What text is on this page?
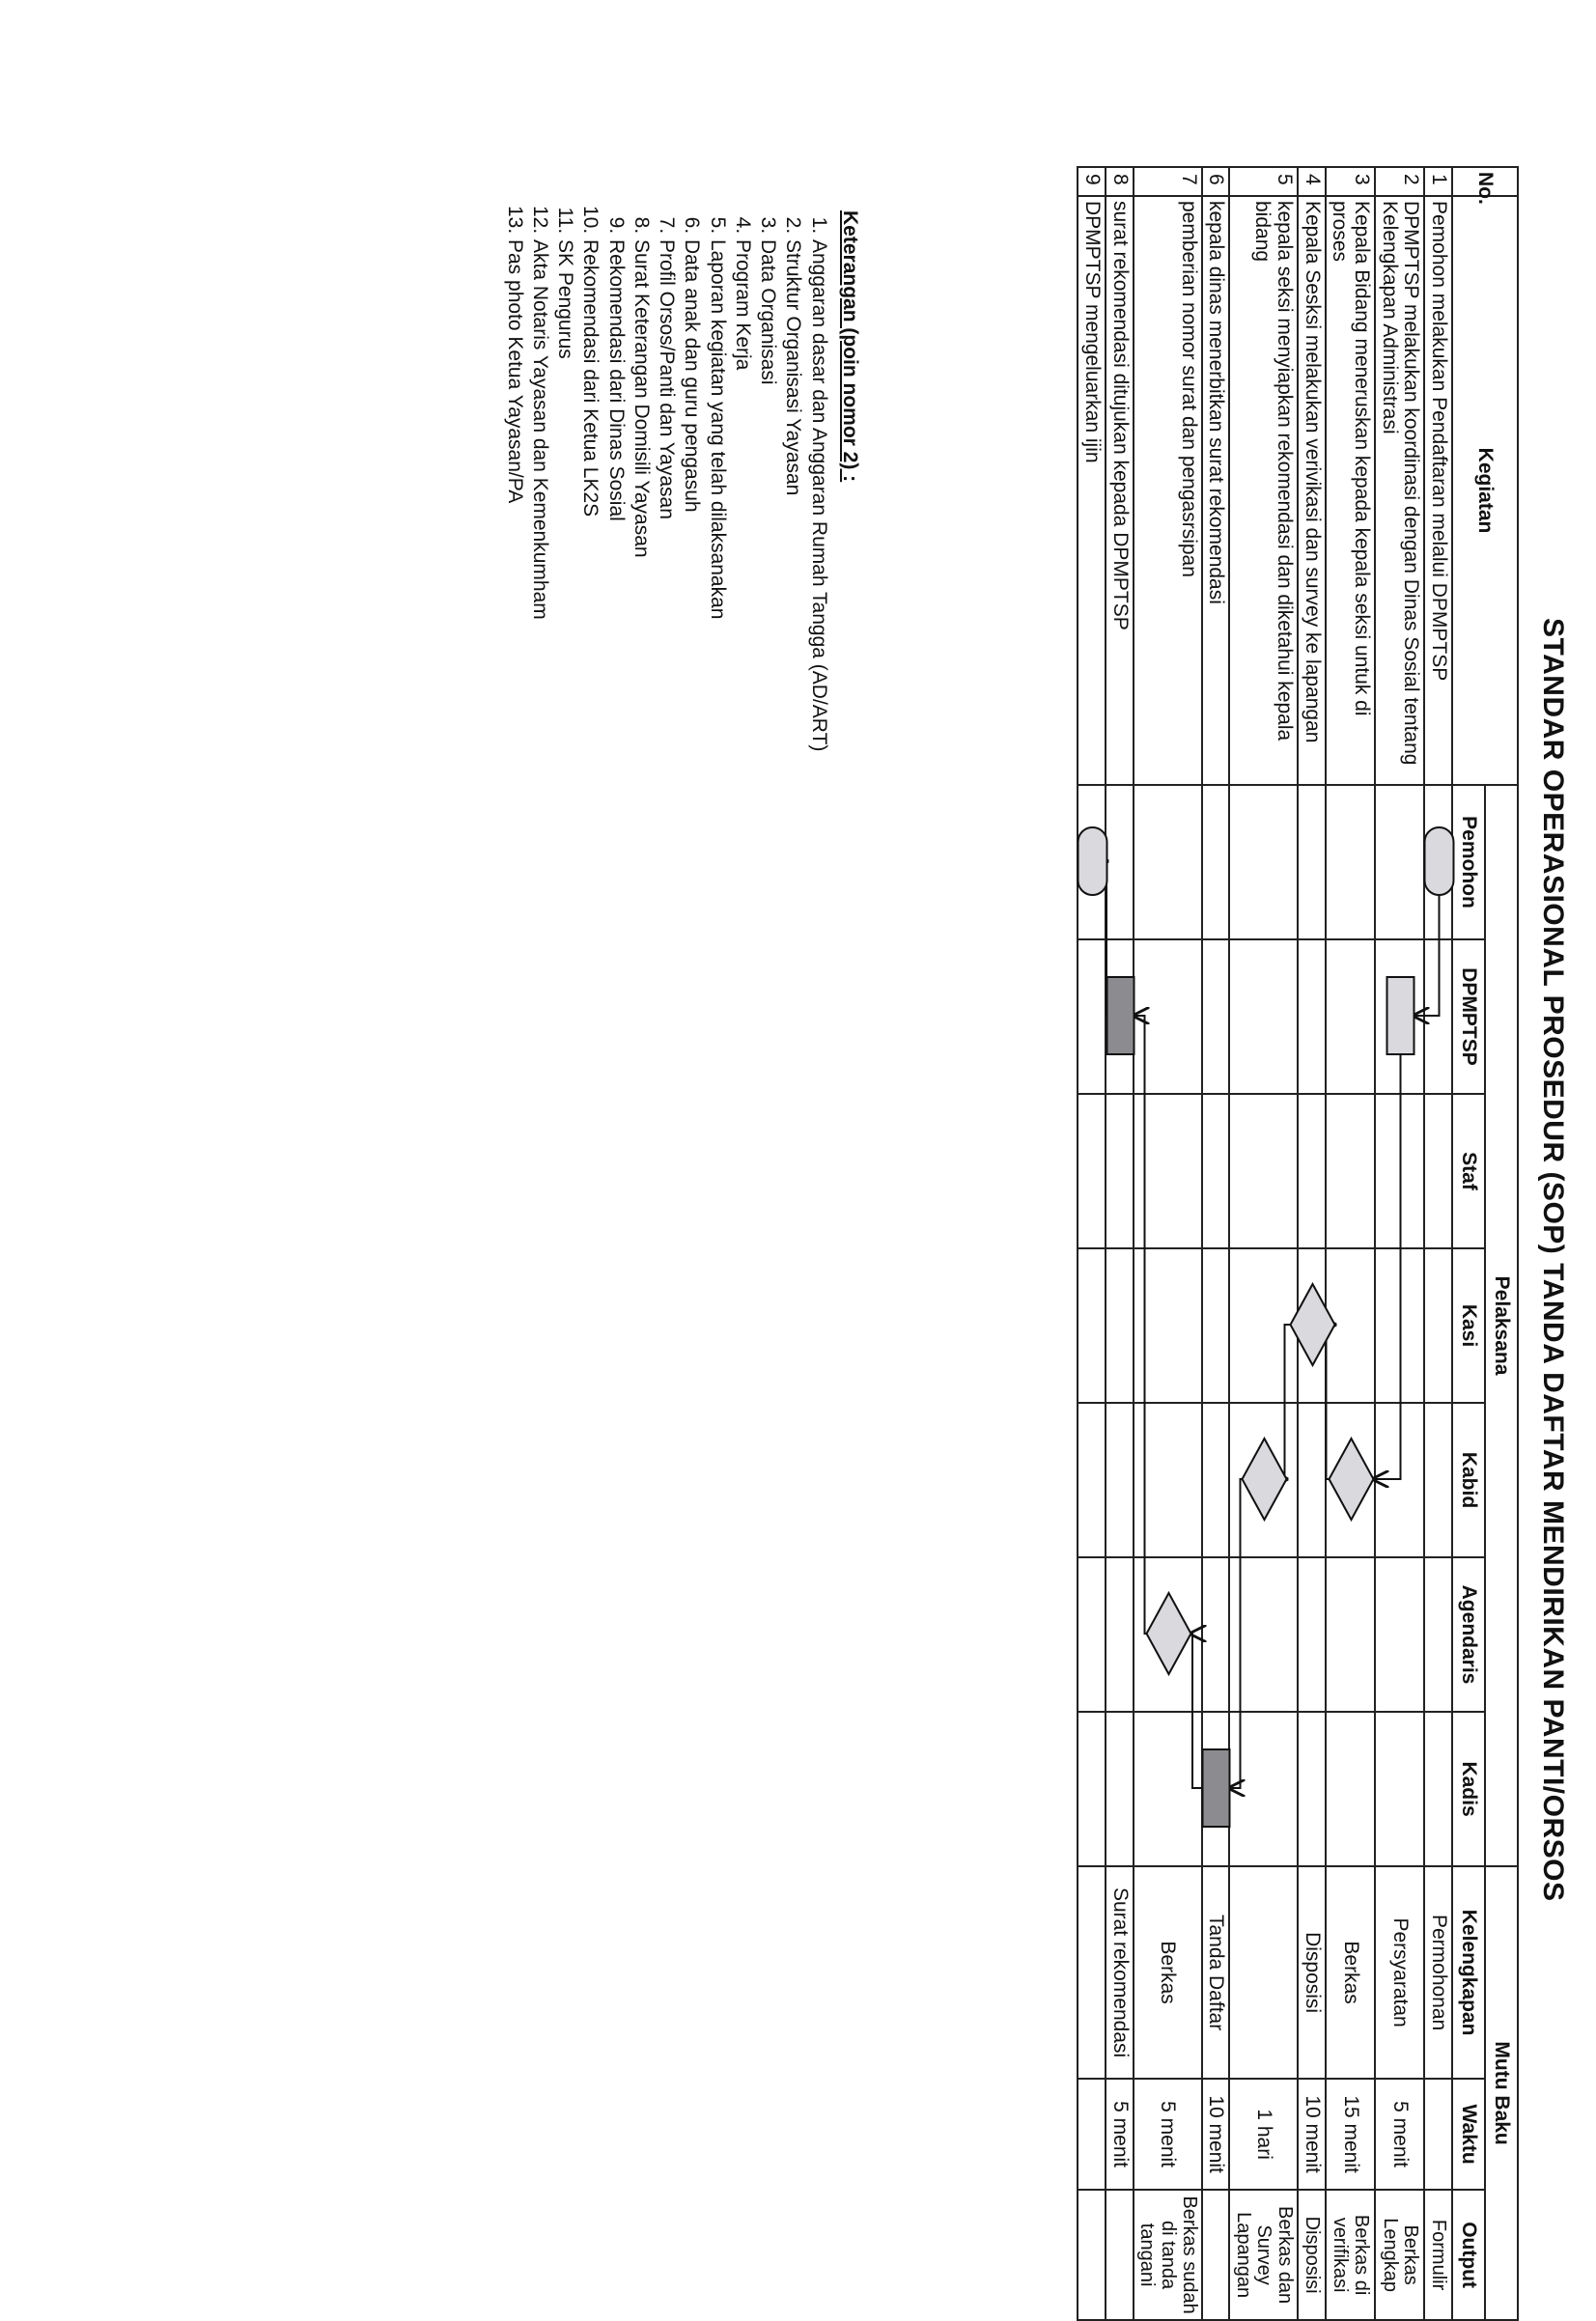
STANDAR OPERASIONAL PROSEDUR (SOP) TANDA DAFTAR MENDIRIKAN PANTI/ORSOS
No.	Kegiatan	Pelaksana							Mutu Baku		
		Pemohon	DPMPTSP	Staf	Kasi	Kabid	Agendaris	Kadis	Kelengkapan	Waktu	Output
1	Pemohon melakukan Pendaftaran melalui DPMPTSP								Permohonan		Formulir
2	DPMPTSP melakukan koordinasi dengan Dinas Sosial tentang Kelengkapan Administrasi								Persyaratan	5 menit	Berkas Lengkap
3	Kepala Bidang meneruskan kepada kepala seksi untuk di proses								Berkas	15 menit	Berkas di verifikasi
4	Kepala Sesksi melakukan verivikasi dan survey ke lapangan								Disposisi	10 menit	Disposisi
5	kepala seksi menyiapkan rekomendasi dan diketahui kepala bidang									1 hari	Berkas dan Survey Lapangan
6	kepala dinas menerbitkan surat rekomendasi								Tanda Daftar	10 menit	
7	pemberian nomor surat dan pengasrsipan								Berkas	5 menit	Berkas sudah di tanda tangani
8	surat rekomendasi ditujukan kepada DPMPTSP								Surat rekomendasi	5 menit	
9	DPMPTSP mengeluarkan ijin										
Keterangan (poin nomor 2) :
1. Anggaran dasar dan Anggaran Rumah Tangga (AD/ART)
2. Struktur Organisasi Yayasan
3. Data Organisasi
4. Program Kerja
5. Laporan kegiatan yang telah dilaksanakan
6. Data anak dan guru pengasuh
7. Profil Orsos/Panti dan Yayasan
8. Surat Keterangan Domisili Yayasan
9. Rekomendasi dari Dinas Sosial
10. Rekomendasi dari Ketua LK2S
11. SK Pengurus
12. Akta Notaris Yayasan dan Kemenkumham
13. Pas photo Ketua Yayasan/PA
